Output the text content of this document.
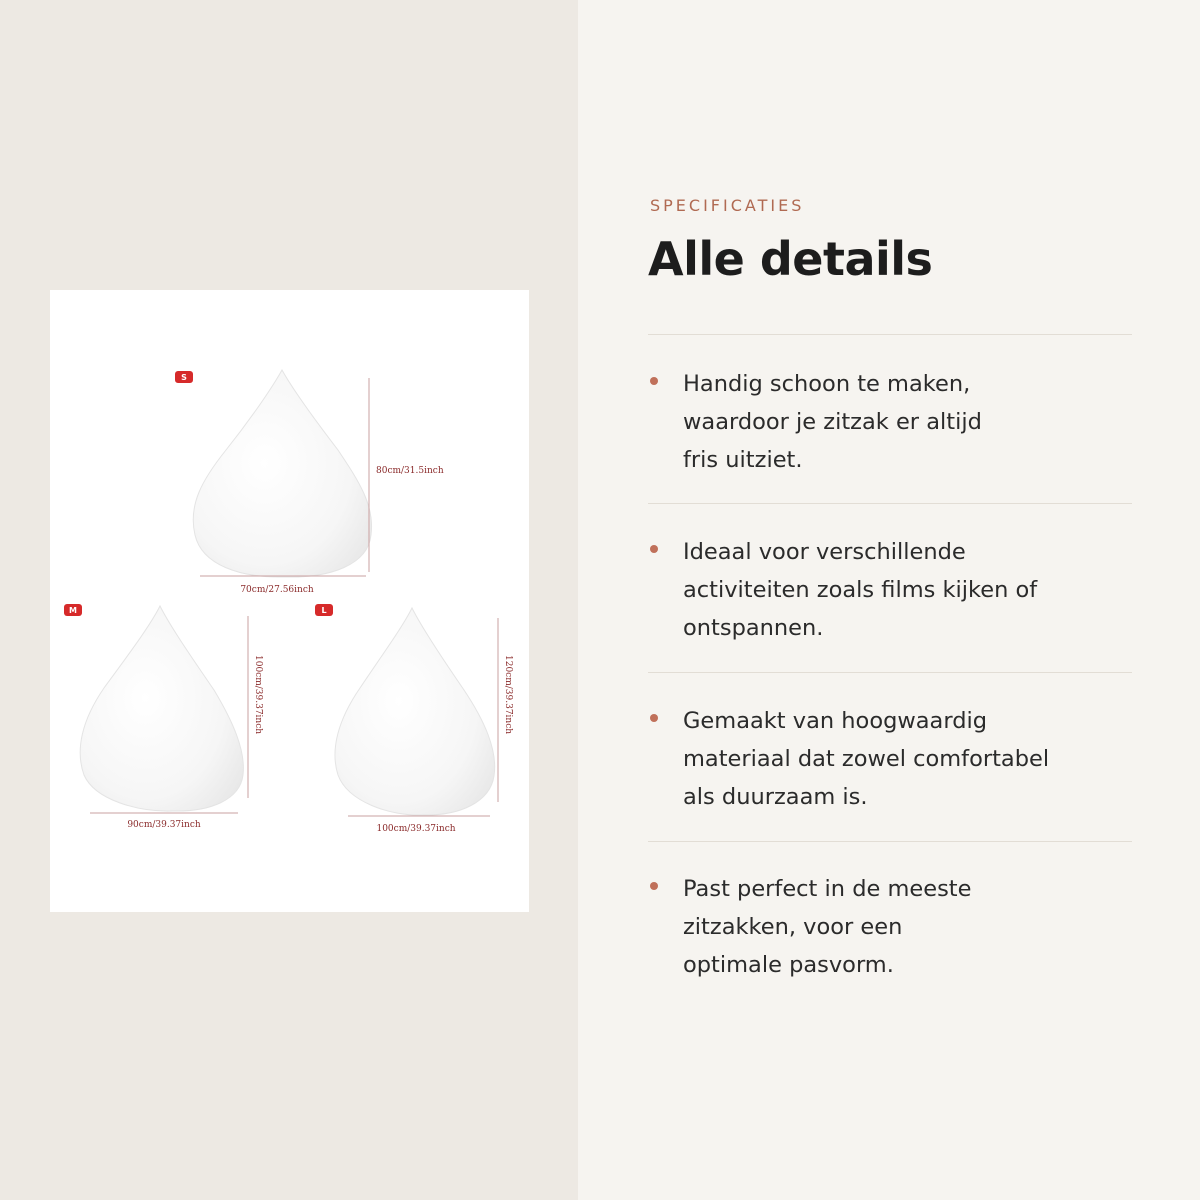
S
80cm/31.5inch
70cm/27.56inch
M
100cm/39.37inch
90cm/39.37inch
L
120cm/39.37inch
100cm/39.37inch
SPECIFICATIES
Alle details
Handig schoon te maken,
waardoor je zitzak er altijd
fris uitziet.
Ideaal voor verschillende
activiteiten zoals films kijken of
ontspannen.
Gemaakt van hoogwaardig
materiaal dat zowel comfortabel
als duurzaam is.
Past perfect in de meeste
zitzakken, voor een
optimale pasvorm.
